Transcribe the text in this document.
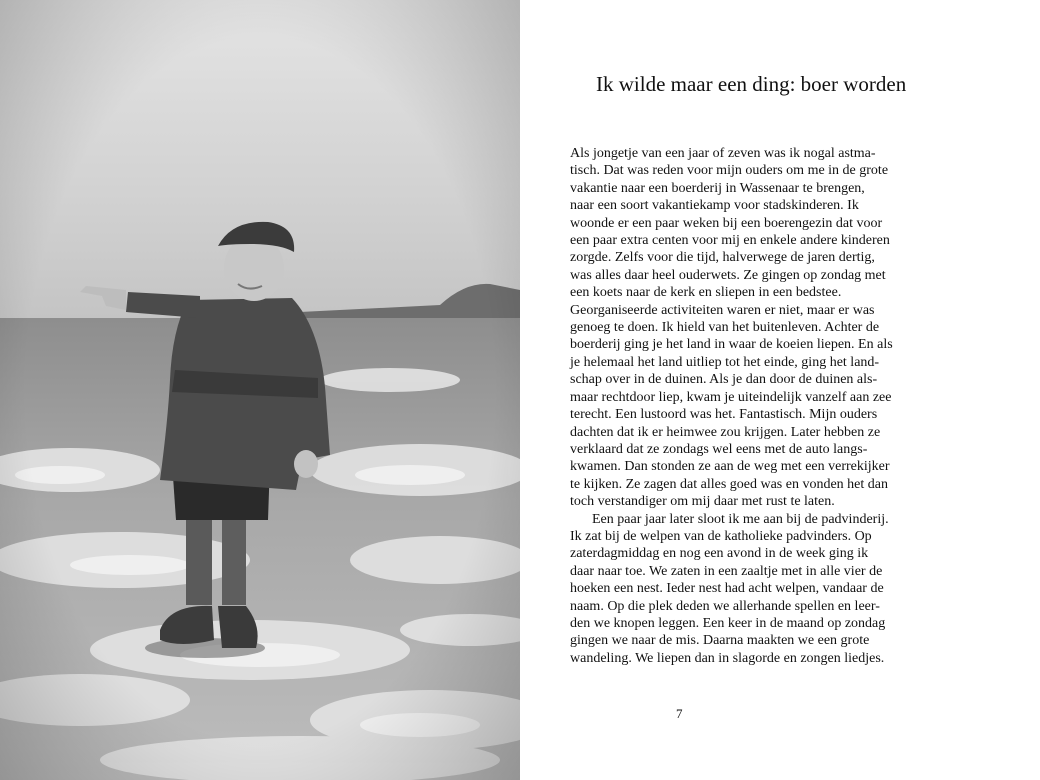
Ik wilde maar een ding: boer worden

Als jongetje van een jaar of zeven was ik nogal astma-
tisch. Dat was reden voor mijn ouders om me in de grote
vakantie naar een boerderij in Wassenaar te brengen,
naar een soort vakantiekamp voor stadskinderen. Ik
woonde er een paar weken bij een boerengezin dat voor
een paar extra centen voor mij en enkele andere kinderen
zorgde. Zelfs voor die tijd, halverwege de jaren dertig,
was alles daar heel ouderwets. Ze gingen op zondag met
een koets naar de kerk en sliepen in een bedstee.
Georganiseerde activiteiten waren er niet, maar er was
genoeg te doen. Ik hield van het buitenleven. Achter de
boerderij ging je het land in waar de koeien liepen. En als
je helemaal het land uitliep tot het einde, ging het land-
schap over in de duinen. Als je dan door de duinen als-
maar rechtdoor liep, kwam je uiteindelijk vanzelf aan zee
terecht. Een lustoord was het. Fantastisch. Mijn ouders
dachten dat ik er heimwee zou krijgen. Later hebben ze
verklaard dat ze zondags wel eens met de auto langs-
kwamen. Dan stonden ze aan de weg met een verrekijker
te kijken. Ze zagen dat alles goed was en vonden het dan
toch verstandiger om mij daar met rust te laten.

Een paar jaar later sloot ik me aan bij de padvinderij.
Ik zat bij de welpen van de katholieke padvinders. Op
zaterdagmiddag en nog een avond in de week ging ik
daar naar toe. We zaten in een zaaltje met in alle vier de
hoeken een nest. Ieder nest had acht welpen, vandaar de
naam. Op die plek deden we allerhande spellen en leer-
den we knopen leggen. Een keer in de maand op zondag
gingen we naar de mis. Daarna maakten we een grote
wandeling. We liepen dan in slagorde en zongen liedjes.

7
